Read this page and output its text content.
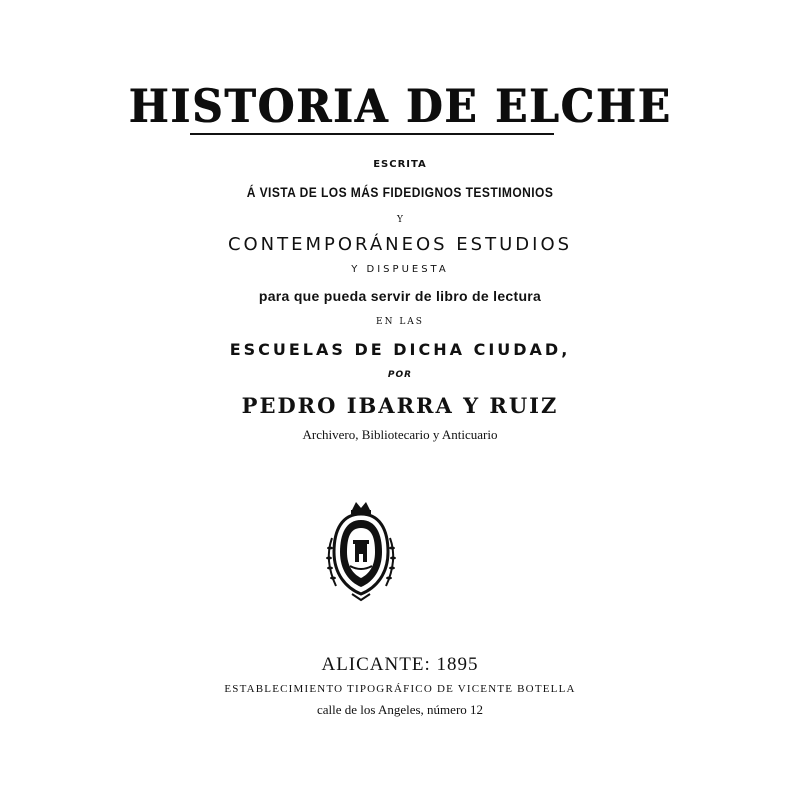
HISTORIA DE ELCHE

ESCRITA

Á VISTA DE LOS MÁS FIDEDIGNOS TESTIMONIOS

Y

CONTEMPORÁNEOS ESTUDIOS

Y DISPUESTA

para que pueda servir de libro de lectura

EN LAS

ESCUELAS DE DICHA CIUDAD,

POR

PEDRO IBARRA Y RUIZ

Archivero, Bibliotecario y Anticuario

ALICANTE: 1895

ESTABLECIMIENTO TIPOGRÁFICO DE VICENTE BOTELLA

calle de los Angeles, número 12
